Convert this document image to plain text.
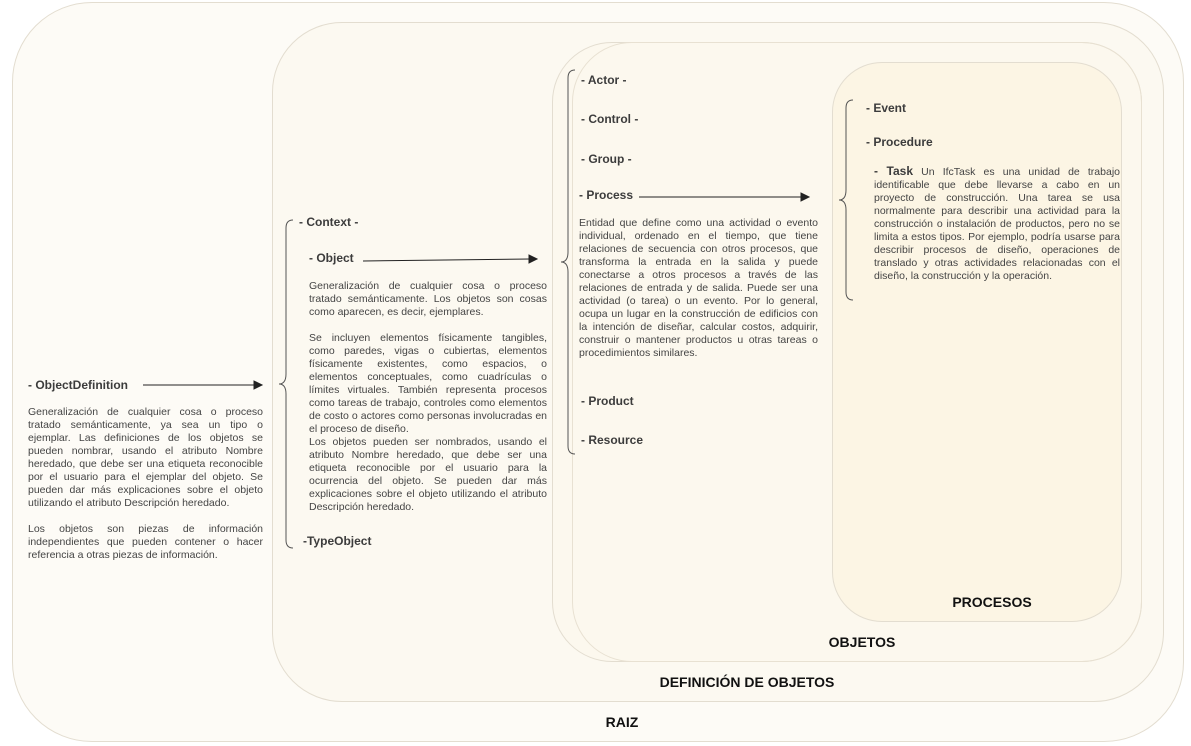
RAIZ
DEFINICIÓN DE OBJETOS
OBJETOS
PROCESOS
- ObjectDefinition

Generalización de cualquier cosa o proceso tratado semánticamente, ya sea un tipo o ejemplar. Las definiciones de los objetos se pueden nombrar, usando el atributo Nombre heredado, que debe ser una etiqueta reconocible por el usuario para el ejemplar del objeto. Se pueden dar más explicaciones sobre el objeto utilizando el atributo Descripción heredado.

Los objetos son piezas de información independientes que pueden contener o hacer referencia a otras piezas de información.

- Context -
- Object

Generalización de cualquier cosa o proceso tratado semánticamente. Los objetos son cosas como aparecen, es decir, ejemplares.

Se incluyen elementos físicamente tangibles, como paredes, vigas o cubiertas, elementos físicamente existentes, como espacios, o elementos conceptuales, como cuadrículas o límites virtuales. También representa procesos como tareas de trabajo, controles como elementos de costo o actores como personas involucradas en el proceso de diseño.
Los objetos pueden ser nombrados, usando el atributo Nombre heredado, que debe ser una etiqueta reconocible por el usuario para la ocurrencia del objeto. Se pueden dar más explicaciones sobre el objeto utilizando el atributo Descripción heredado.

-TypeObject
- Actor -
- Control -
- Group -
- Process

Entidad que define como una actividad o evento individual, ordenado en el tiempo, que tiene relaciones de secuencia con otros procesos, que transforma la entrada en la salida y puede conectarse a otros procesos a través de las relaciones de entrada y de salida. Puede ser una actividad (o tarea) o un evento. Por lo general, ocupa un lugar en la construcción de edificios con la intención de diseñar, calcular costos, adquirir, construir o mantener productos u otras tareas o procedimientos similares.

- Product
- Resource
- Event
- Procedure

- Task Un IfcTask es una unidad de trabajo identificable que debe llevarse a cabo en un proyecto de construcción. Una tarea se usa normalmente para describir una actividad para la construcción o instalación de productos, pero no se limita a estos tipos. Por ejemplo, podría usarse para describir procesos de diseño, operaciones de translado y otras actividades relacionadas con el diseño, la construcción y la operación.
